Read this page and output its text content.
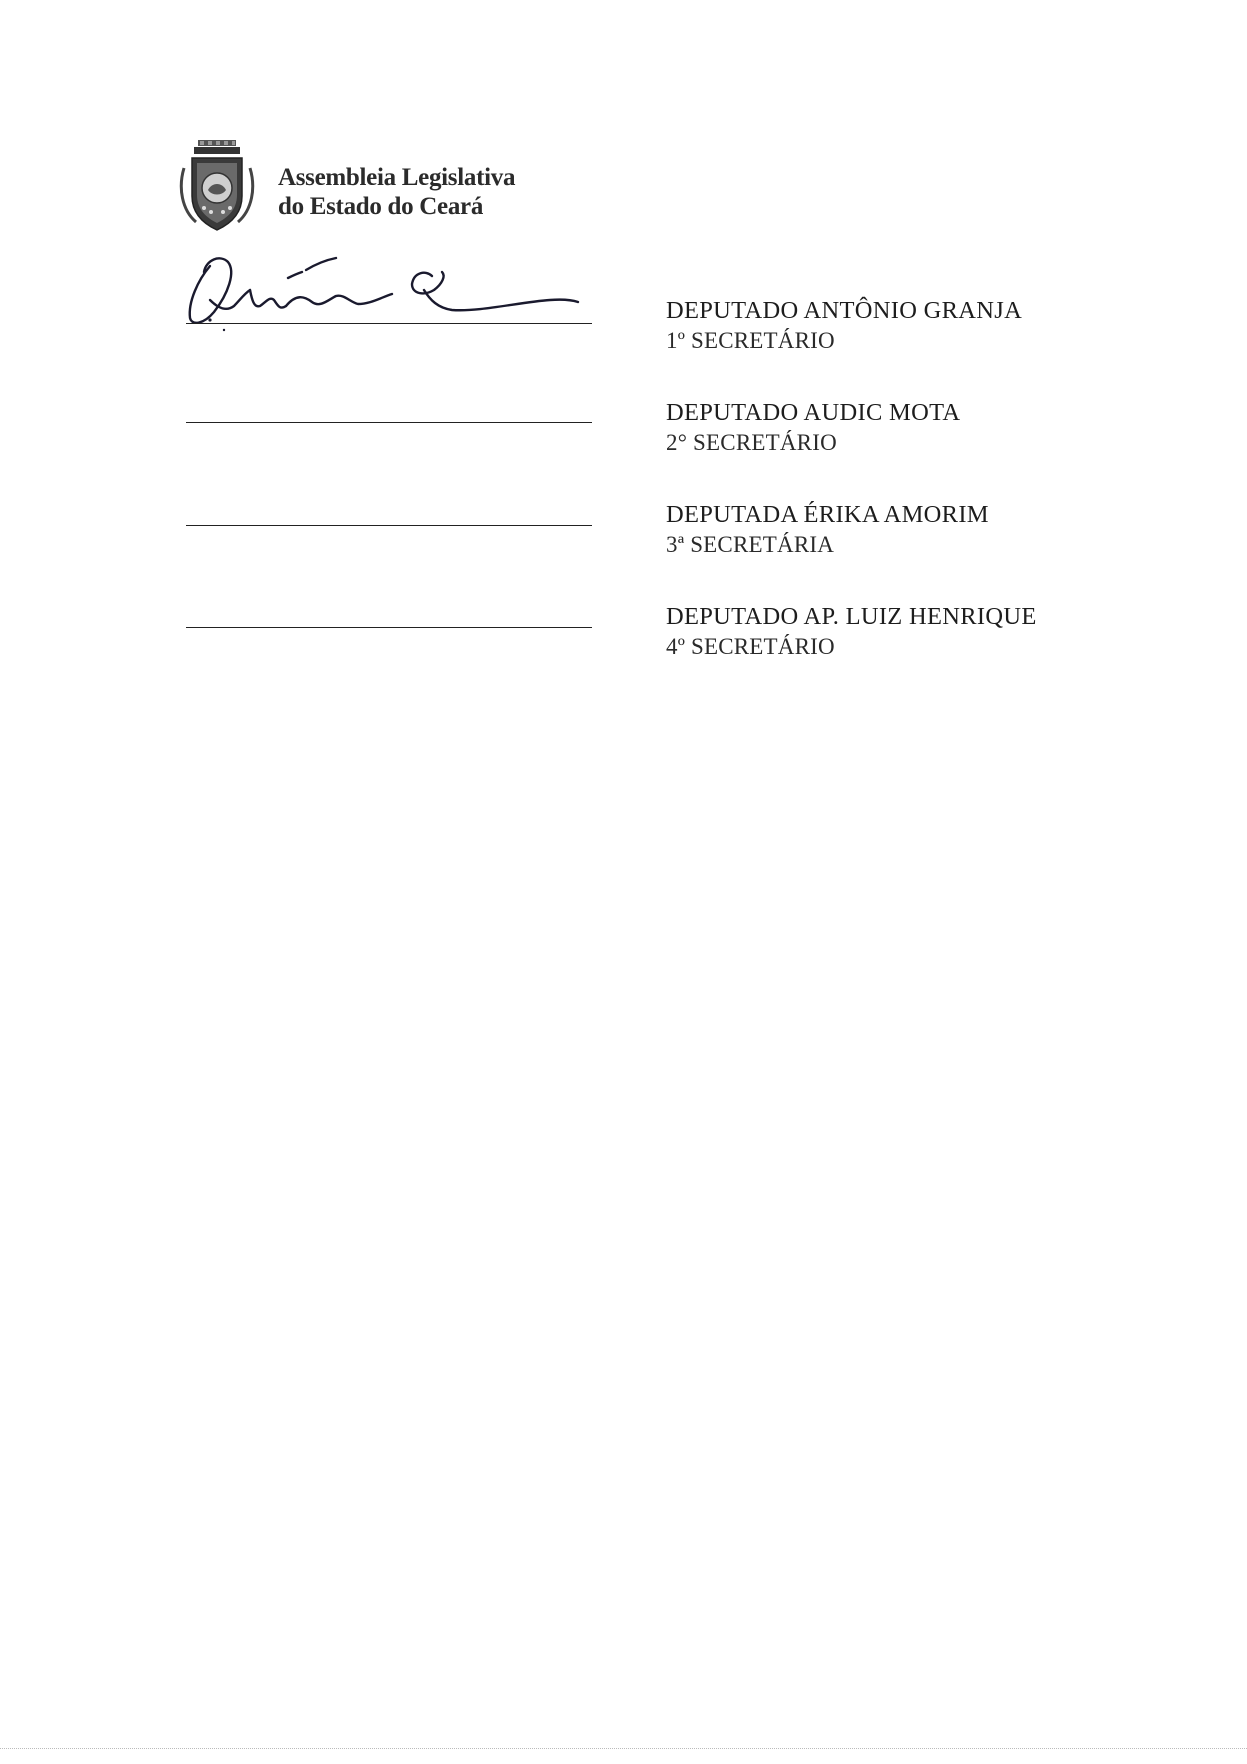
Assembleia Legislativa
do Estado do Ceará
DEPUTADO ANTÔNIO GRANJA
1º SECRETÁRIO
DEPUTADO AUDIC MOTA
2° SECRETÁRIO
DEPUTADA ÉRIKA AMORIM
3ª SECRETÁRIA
DEPUTADO AP. LUIZ HENRIQUE
4º SECRETÁRIO
